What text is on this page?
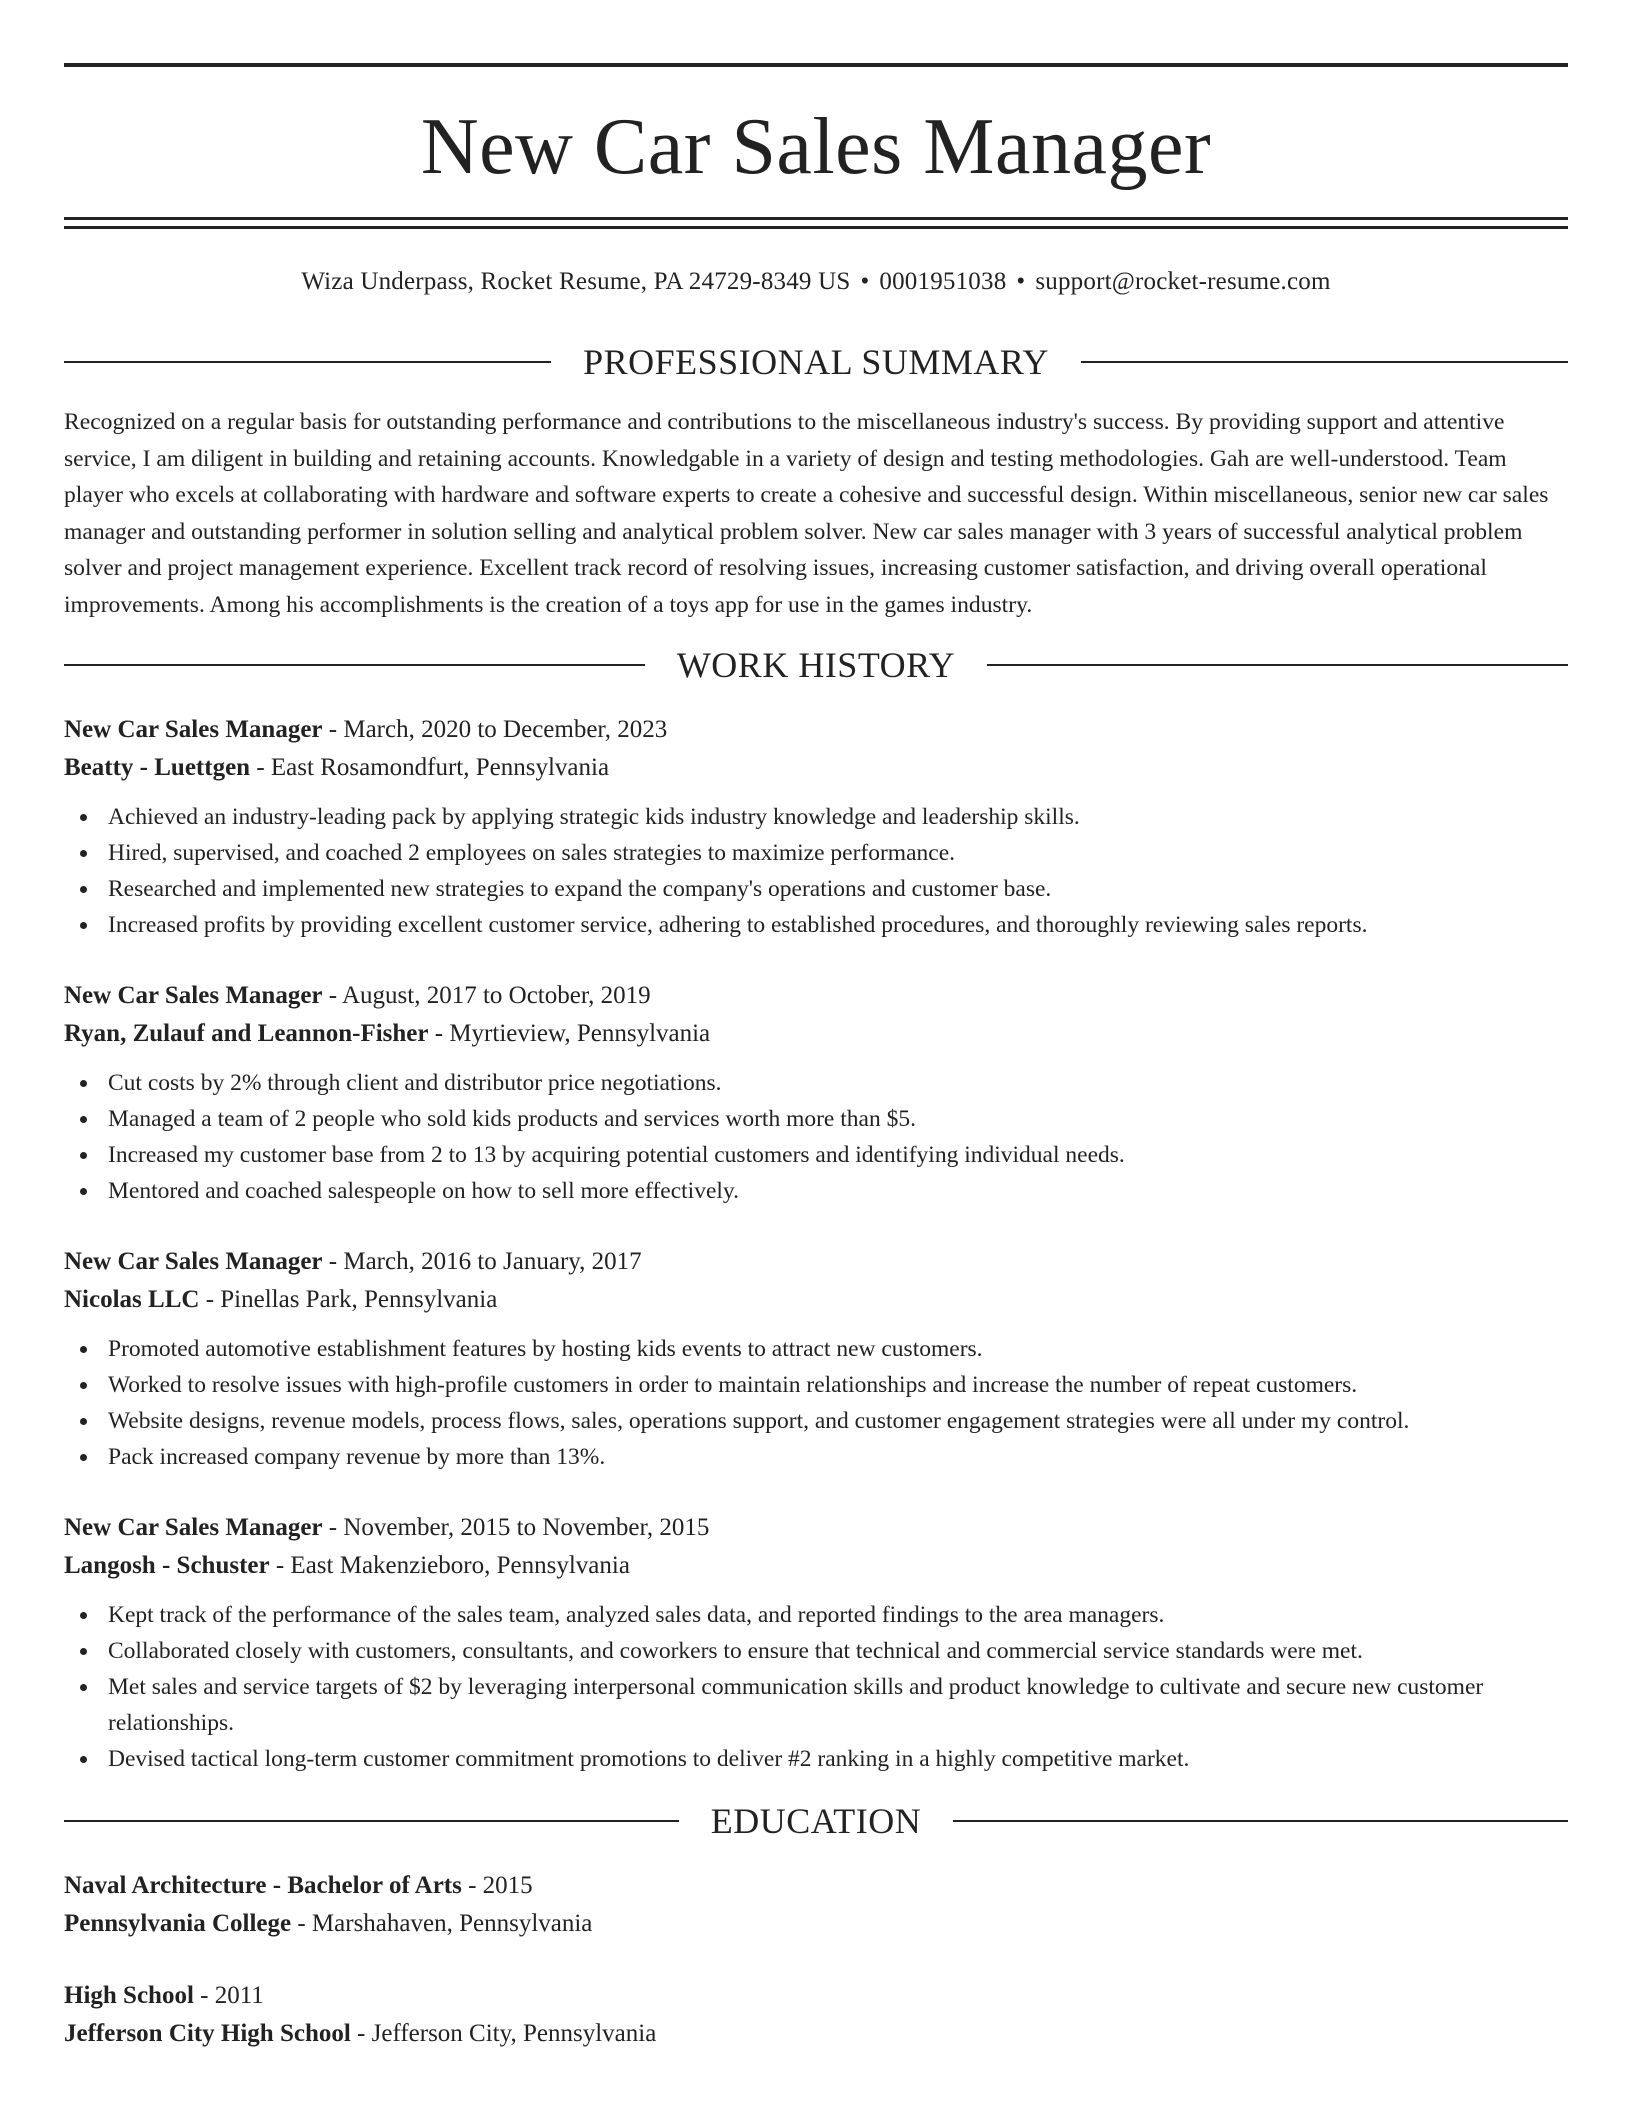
New Car Sales Manager
Wiza Underpass, Rocket Resume, PA 24729-8349 US • 0001951038 • support@rocket-resume.com
PROFESSIONAL SUMMARY
Recognized on a regular basis for outstanding performance and contributions to the miscellaneous industry's success. By providing support and attentive service, I am diligent in building and retaining accounts. Knowledgable in a variety of design and testing methodologies. Gah are well-understood. Team player who excels at collaborating with hardware and software experts to create a cohesive and successful design. Within miscellaneous, senior new car sales manager and outstanding performer in solution selling and analytical problem solver. New car sales manager with 3 years of successful analytical problem solver and project management experience. Excellent track record of resolving issues, increasing customer satisfaction, and driving overall operational improvements. Among his accomplishments is the creation of a toys app for use in the games industry.
WORK HISTORY
New Car Sales Manager - March, 2020 to December, 2023
Beatty - Luettgen - East Rosamondfurt, Pennsylvania
Achieved an industry-leading pack by applying strategic kids industry knowledge and leadership skills.
Hired, supervised, and coached 2 employees on sales strategies to maximize performance.
Researched and implemented new strategies to expand the company's operations and customer base.
Increased profits by providing excellent customer service, adhering to established procedures, and thoroughly reviewing sales reports.
New Car Sales Manager - August, 2017 to October, 2019
Ryan, Zulauf and Leannon-Fisher - Myrtieview, Pennsylvania
Cut costs by 2% through client and distributor price negotiations.
Managed a team of 2 people who sold kids products and services worth more than $5.
Increased my customer base from 2 to 13 by acquiring potential customers and identifying individual needs.
Mentored and coached salespeople on how to sell more effectively.
New Car Sales Manager - March, 2016 to January, 2017
Nicolas LLC - Pinellas Park, Pennsylvania
Promoted automotive establishment features by hosting kids events to attract new customers.
Worked to resolve issues with high-profile customers in order to maintain relationships and increase the number of repeat customers.
Website designs, revenue models, process flows, sales, operations support, and customer engagement strategies were all under my control.
Pack increased company revenue by more than 13%.
New Car Sales Manager - November, 2015 to November, 2015
Langosh - Schuster - East Makenzieboro, Pennsylvania
Kept track of the performance of the sales team, analyzed sales data, and reported findings to the area managers.
Collaborated closely with customers, consultants, and coworkers to ensure that technical and commercial service standards were met.
Met sales and service targets of $2 by leveraging interpersonal communication skills and product knowledge to cultivate and secure new customer relationships.
Devised tactical long-term customer commitment promotions to deliver #2 ranking in a highly competitive market.
EDUCATION
Naval Architecture - Bachelor of Arts - 2015
Pennsylvania College - Marshahaven, Pennsylvania
High School - 2011
Jefferson City High School - Jefferson City, Pennsylvania
